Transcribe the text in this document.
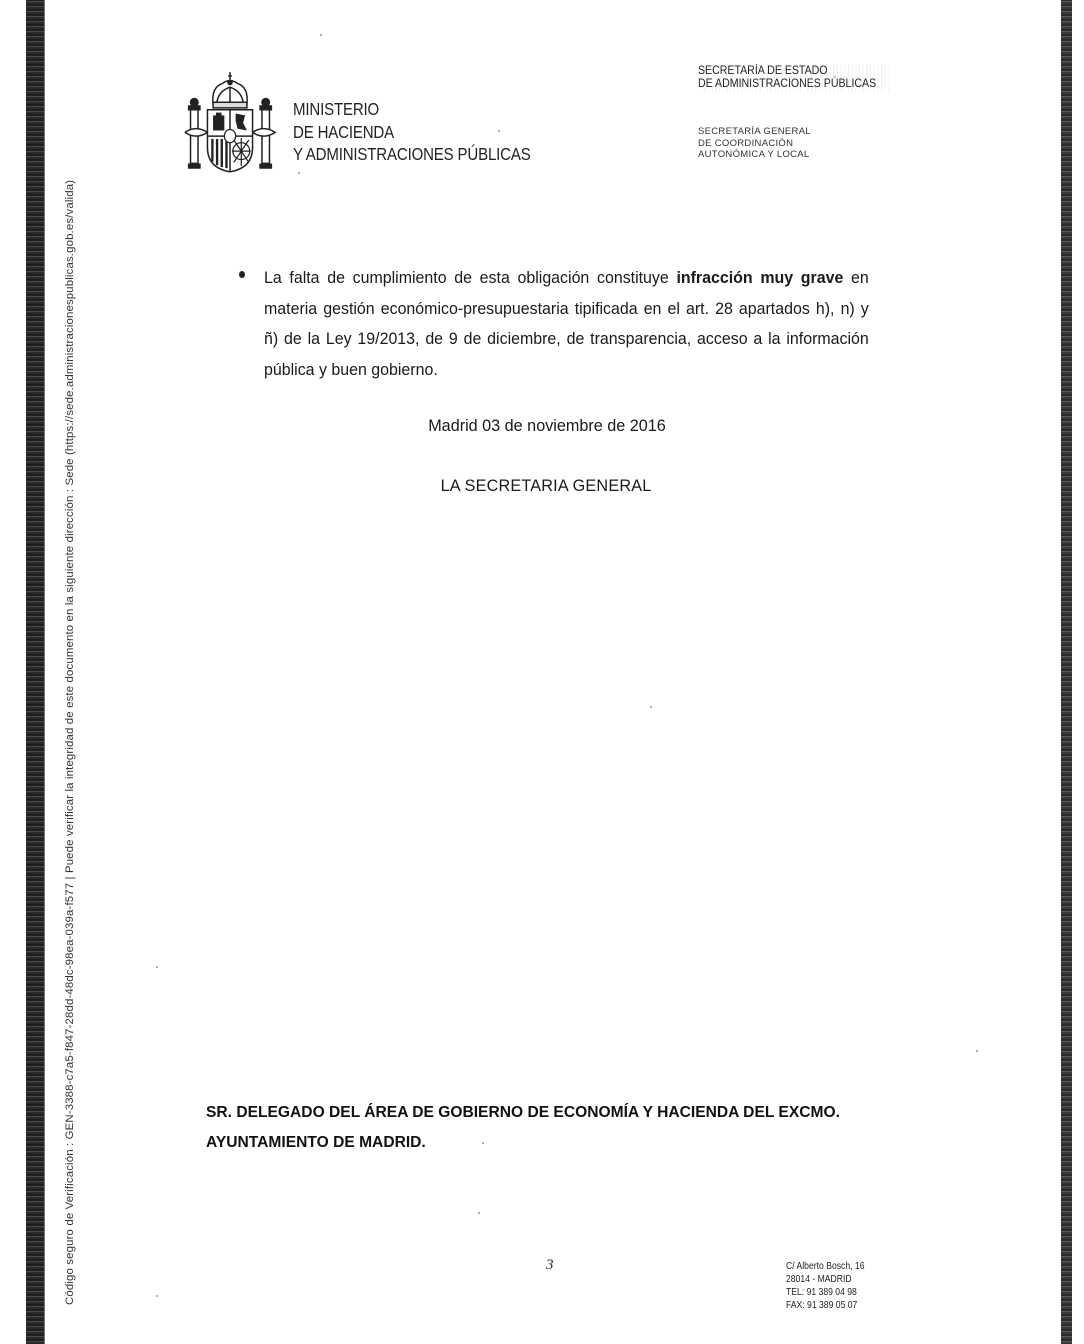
Código seguro de Verificación : GEN-3388-c7a5-f847-28dd-48dc-98ea-039a-f577 | Puede verificar la integridad de este documento en la siguiente dirección : Sede (https://sede.administracionespublicas.gob.es/valida)
MINISTERIO
DE HACIENDA
Y ADMINISTRACIONES PÚBLICAS
SECRETARÍA DE ESTADO
DE ADMINISTRACIONES PÚBLICAS
SECRETARÍA GENERAL
DE COORDINACIÓN
AUTONÓMICA Y LOCAL
La falta de cumplimiento de esta obligación constituye infracción muy grave en materia gestión económico-presupuestaria tipificada en el art. 28 apartados h), n) y ñ) de la Ley 19/2013, de 9 de diciembre, de transparencia, acceso a la información pública y buen gobierno.
Madrid 03 de noviembre de 2016
LA SECRETARIA GENERAL
SR. DELEGADO DEL ÁREA DE GOBIERNO DE ECONOMÍA Y HACIENDA DEL EXCMO.
AYUNTAMIENTO DE MADRID.
3	C/ Alberto Bosch, 16
28014 - MADRID
TEL: 91 389 04 98
FAX: 91 389 05 07
